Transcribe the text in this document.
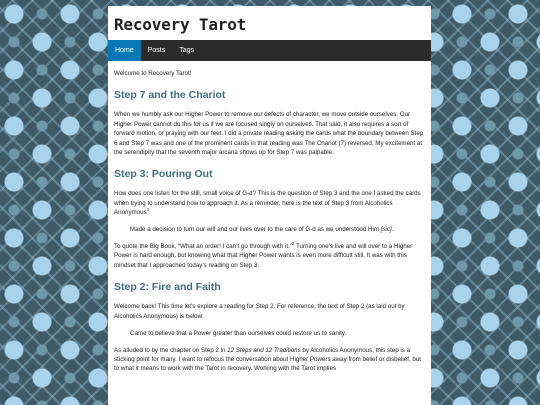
Recovery Tarot
Home	Posts	Tags

Welcome to Recovery Tarot!

Step 7 and the Chariot

When we humbly ask our Higher Power to remove our defects of character, we move outside ourselves. Our Higher Power cannot do this for us if we are focused singly on ourselves. That said, it also requires a sort of forward motion, or praying with our feet. I did a private reading asking the cards what the boundary between Step 6 and Step 7 was and one of the prominent cards in that reading was The Chariot (7) reversed. My excitement at the serendipity that the seventh major arcana shows up for Step 7 was palpable.

Step 3: Pouring Out

How does one listen for the still, small voice of G-d? This is the question of Step 3 and the one I asked the cards when trying to understand how to approach it. As a reminder, here is the text of Step 3 from Alcoholics Anonymous$^1$

Made a decision to turn our will and our lives over to the care of G-d as we understood Him [sic].

To quote the Big Book, “What an order! I can’t go through with it.”$^2$ Turning one’s live and will over to a Higher Power is hard enough, but knowing what that Higher Power wants is even more difficult still. It was with this mindset that I approached today’s reading on Step 3.

Step 2: Fire and Faith

Welcome back! This time let’s explore a reading for Step 2. For reference, the text of Step 2 (as laid out by Alcoholics Anonymous) is below:

Came to believe that a Power greater than ourselves could restore us to sanity.

As alluded to by the chapter on Step 2 in 12 Steps and 12 Traditions by Alcoholics Anonymous, this step is a sticking point for many. I want to refocus the conversation about Higher Powers away from belief or disbelief, but to what it means to work with the Tarot in recovery. Working with the Tarot implies
